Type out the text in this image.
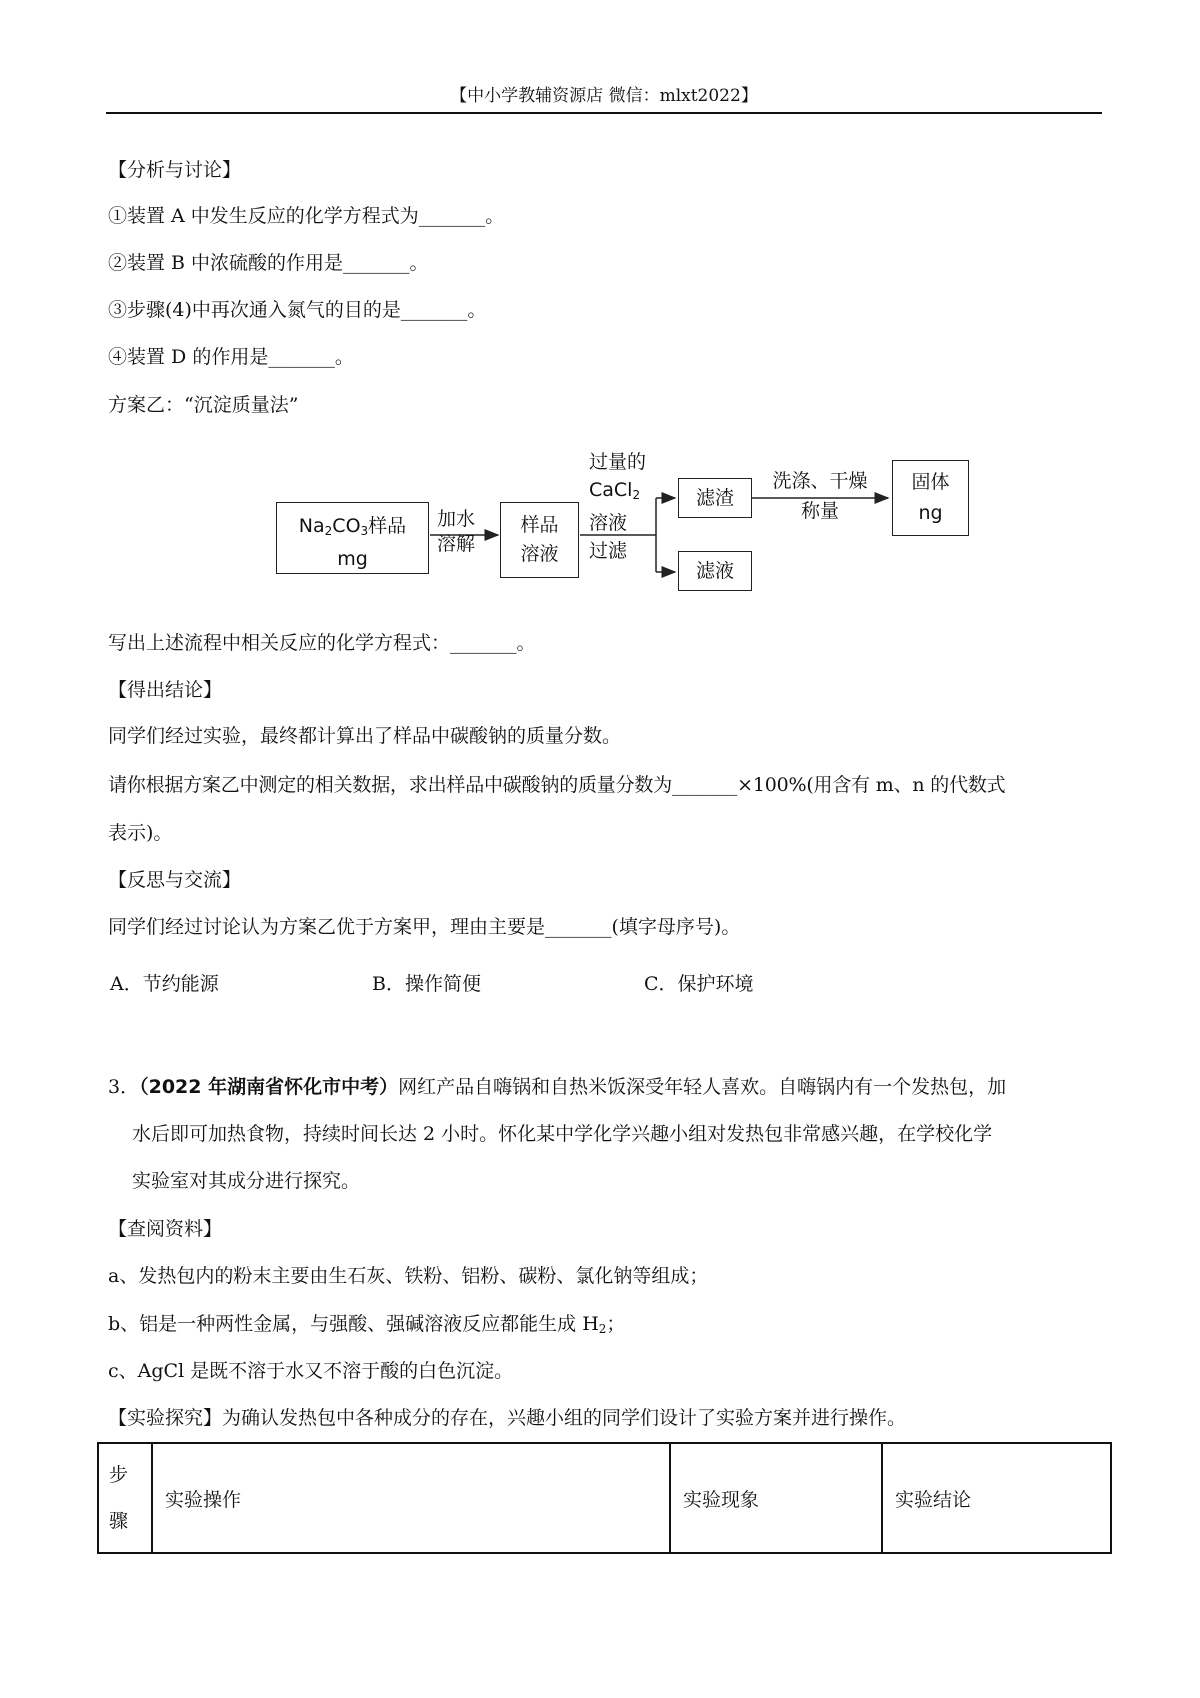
【中小学教辅资源店 微信：mlxt2022】
【分析与讨论】
①装置 A 中发生反应的化学方程式为_______。
②装置 B 中浓硫酸的作用是_______。
③步骤(4)中再次通入氮气的目的是_______。
④装置 D 的作用是_______。
方案乙：“沉淀质量法”
$Na_2CO_3$样品
mg
加水
溶解
样品
溶液
过量的
CaCl$_2$
溶液
过滤
滤渣
滤液
洗涤、干燥
称量
固体
ng
写出上述流程中相关反应的化学方程式：_______。
【得出结论】
同学们经过实验，最终都计算出了样品中碳酸钠的质量分数。
请你根据方案乙中测定的相关数据，求出样品中碳酸钠的质量分数为_______×100%(用含有 m、n 的代数式
表示)。
【反思与交流】
同学们经过讨论认为方案乙优于方案甲，理由主要是_______(填字母序号)。
A．节约能源	B．操作简便	C．保护环境
3．（2022 年湖南省怀化市中考）网红产品自嗨锅和自热米饭深受年轻人喜欢。自嗨锅内有一个发热包，加
水后即可加热食物，持续时间长达 2 小时。怀化某中学化学兴趣小组对发热包非常感兴趣，在学校化学
实验室对其成分进行探究。
【查阅资料】
a、发热包内的粉末主要由生石灰、铁粉、铝粉、碳粉、氯化钠等组成；
b、铝是一种两性金属，与强酸、强碱溶液反应都能生成 $H_2$；
c、AgCl 是既不溶于水又不溶于酸的白色沉淀。
【实验探究】为确认发热包中各种成分的存在，兴趣小组的同学们设计了实验方案并进行操作。
步
骤
	实验操作	实验现象	实验结论
